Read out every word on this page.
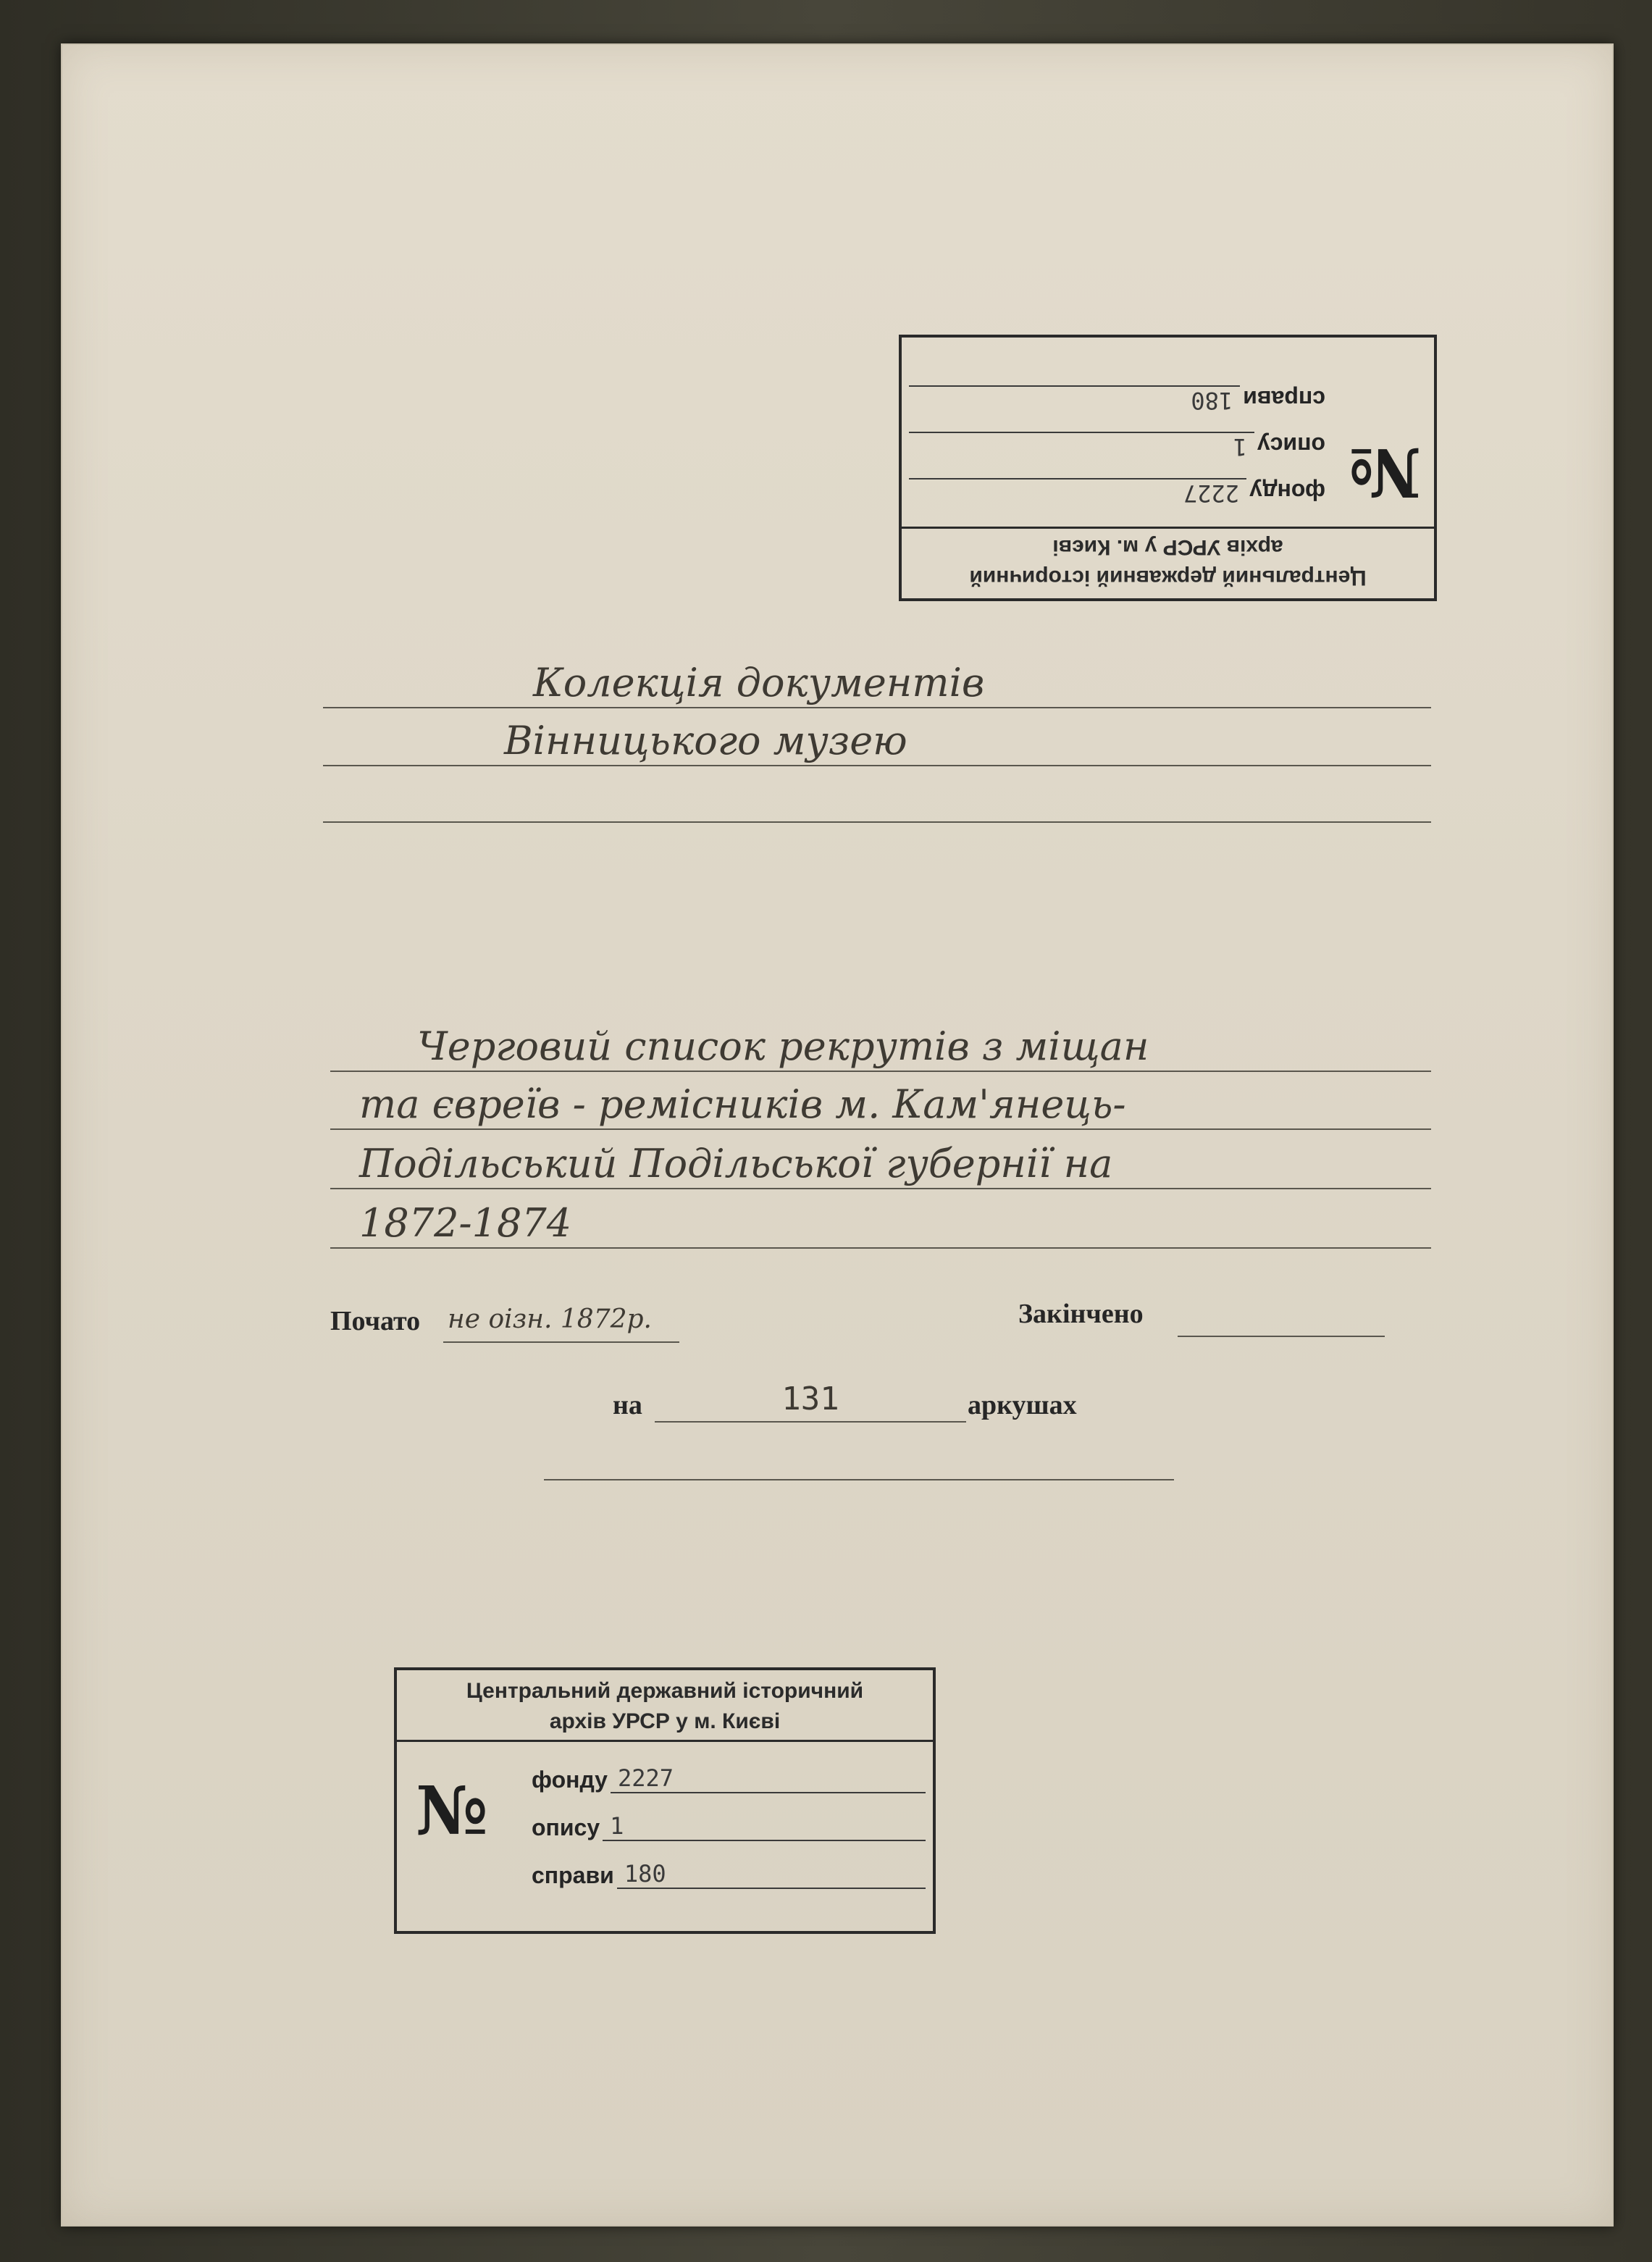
Центральний державний історичний
архів УРСР у м. Києві
№
фонду
2227
опису
1
справи
180
Колекція документів
Вінницького музею
Черговий список рекрутів з міщан
та євреїв - ремісників м. Кам'янець-
Подільський Подільської губернії на
1872-1874
Почато не оізн. 1872р.	Закінчено
на	131	аркушах
Центральний державний історичний
архів УРСР у м. Києві
№ фонду 2227
опису 1
справи 180
